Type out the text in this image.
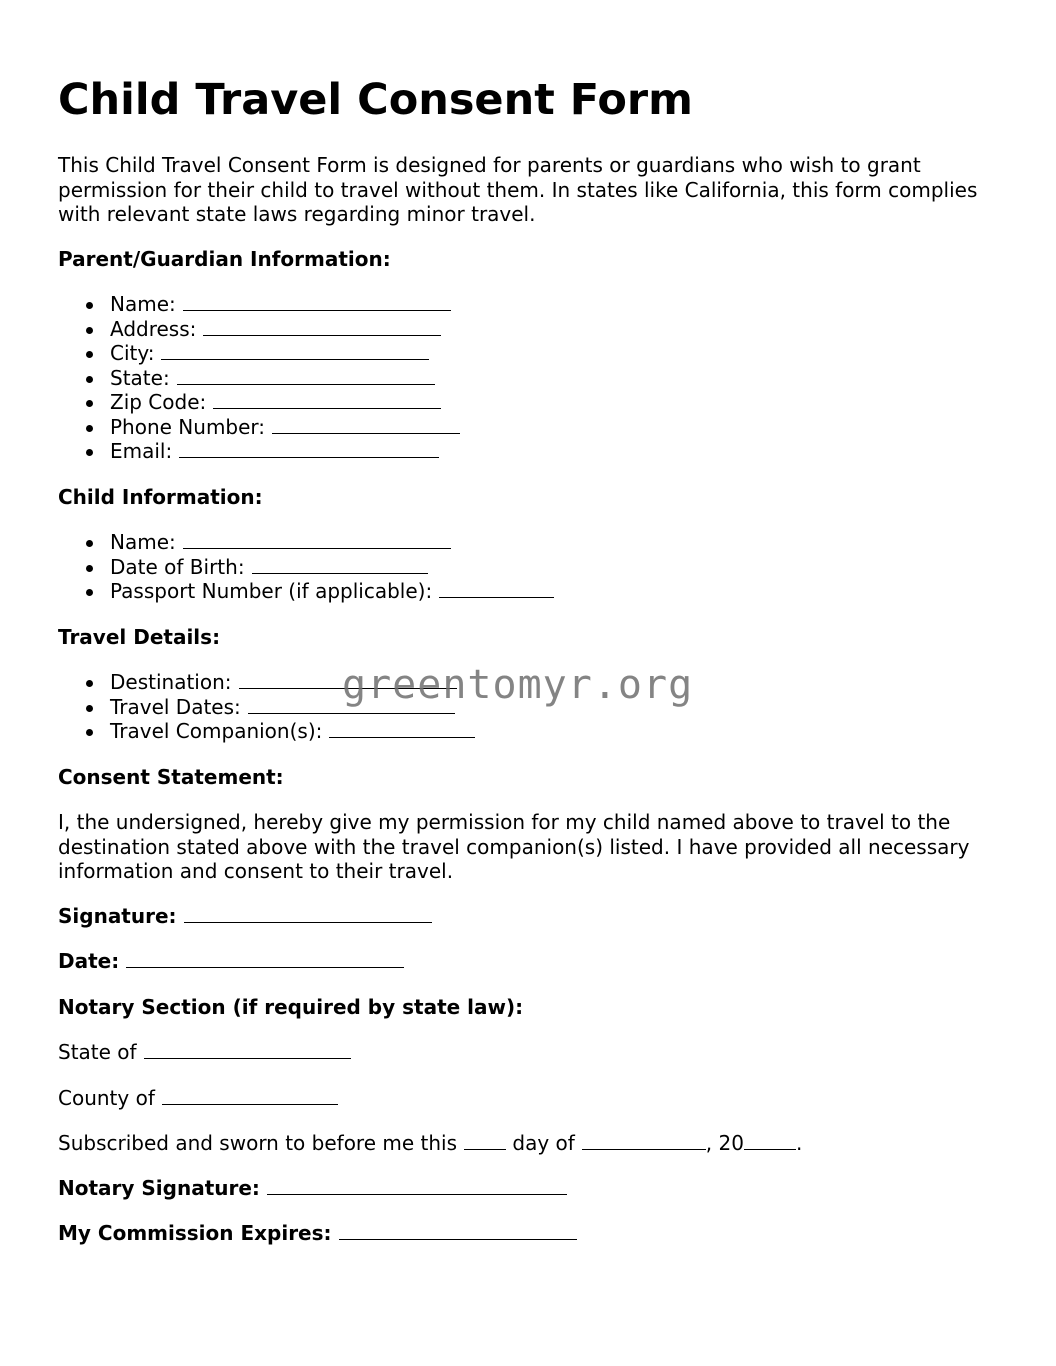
Child Travel Consent Form

This Child Travel Consent Form is designed for parents or guardians who wish to grant permission for their child to travel without them. In states like California, this form complies with relevant state laws regarding minor travel.

Parent/Guardian Information:

Name:
Address:
City:
State:
Zip Code:
Phone Number:
Email:

Child Information:

Name:
Date of Birth:
Passport Number (if applicable):

Travel Details:

Destination:
Travel Dates:
Travel Companion(s):

Consent Statement:

I, the undersigned, hereby give my permission for my child named above to travel to the destination stated above with the travel companion(s) listed. I have provided all necessary information and consent to their travel.

Signature:

Date:

Notary Section (if required by state law):

State of

County of

Subscribed and sworn to before me this	day of	, 20	.

Notary Signature:

My Commission Expires:

greentomyr.org
